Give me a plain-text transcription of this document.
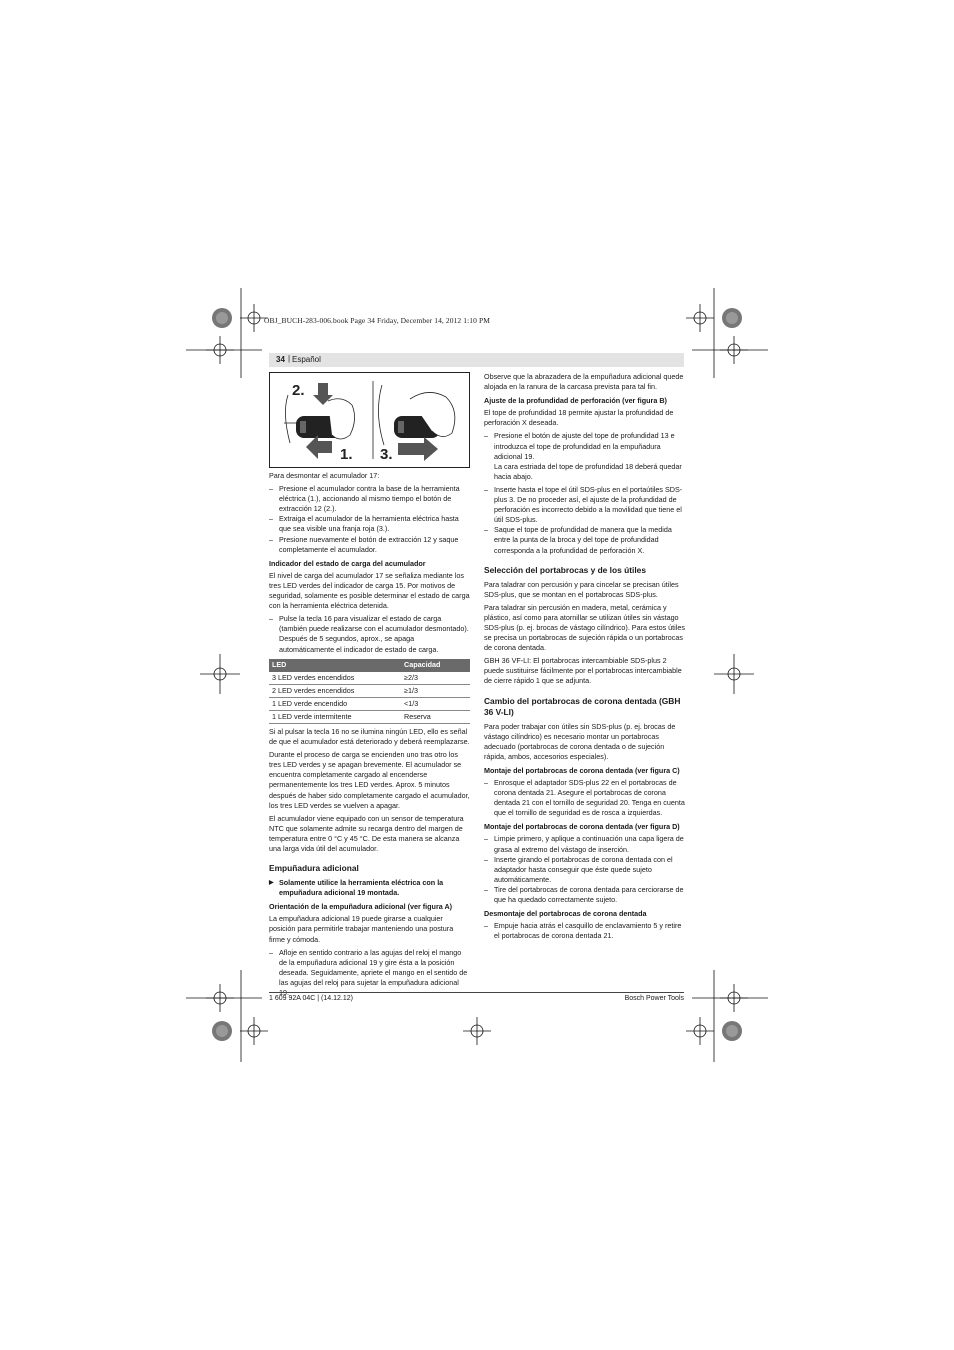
OBJ_BUCH-283-006.book Page 34 Friday, December 14, 2012 1:10 PM
34 | Español
2.
1. 3.

Para desmontar el acumulador 17:

– Presione el acumulador contra la base de la herramienta eléctrica (1.), accionando al mismo tiempo el botón de extracción 12 (2.).

– Extraiga el acumulador de la herramienta eléctrica hasta que sea visible una franja roja (3.).

– Presione nuevamente el botón de extracción 12 y saque completamente el acumulador.

Indicador del estado de carga del acumulador

El nivel de carga del acumulador 17 se señaliza mediante los tres LED verdes del indicador de carga 15. Por motivos de seguridad, solamente es posible determinar el estado de carga con la herramienta eléctrica detenida.

– Pulse la tecla 16 para visualizar el estado de carga (también puede realizarse con el acumulador desmontado). Después de 5 segundos, aprox., se apaga automáticamente el indicador de estado de carga.

LED	Capacidad
3 LED verdes encendidos	≥2/3
2 LED verdes encendidos	≥1/3
1 LED verde encendido	<1/3
1 LED verde intermitente	Reserva

Si al pulsar la tecla 16 no se ilumina ningún LED, ello es señal de que el acumulador está deteriorado y deberá reemplazarse.

Durante el proceso de carga se encienden uno tras otro los tres LED verdes y se apagan brevemente. El acumulador se encuentra completamente cargado al encenderse permanentemente los tres LED verdes. Aprox. 5 minutos después de haber sido completamente cargado el acumulador, los tres LED verdes se vuelven a apagar.

El acumulador viene equipado con un sensor de temperatura NTC que solamente admite su recarga dentro del margen de temperatura entre 0 °C y 45 °C. De esta manera se alcanza una larga vida útil del acumulador.

Empuñadura adicional

▶ Solamente utilice la herramienta eléctrica con la empuñadura adicional 19 montada.

Orientación de la empuñadura adicional (ver figura A)

La empuñadura adicional 19 puede girarse a cualquier posición para permitirle trabajar manteniendo una postura firme y cómoda.

– Afloje en sentido contrario a las agujas del reloj el mango de la empuñadura adicional 19 y gire ésta a la posición deseada. Seguidamente, apriete el mango en el sentido de las agujas del reloj para sujetar la empuñadura adicional 19.

Observe que la abrazadera de la empuñadura adicional quede alojada en la ranura de la carcasa prevista para tal fin.

Ajuste de la profundidad de perforación (ver figura B)

El tope de profundidad 18 permite ajustar la profundidad de perforación X deseada.

– Presione el botón de ajuste del tope de profundidad 13 e introduzca el tope de profundidad en la empuñadura adicional 19.

La cara estriada del tope de profundidad 18 deberá quedar hacia abajo.

– Inserte hasta el tope el útil SDS-plus en el portaútiles SDS-plus 3. De no proceder así, el ajuste de la profundidad de perforación es incorrecto debido a la movilidad que tiene el útil SDS-plus.

– Saque el tope de profundidad de manera que la medida entre la punta de la broca y del tope de profundidad corresponda a la profundidad de perforación X.

Selección del portabrocas y de los útiles

Para taladrar con percusión y para cincelar se precisan útiles SDS-plus, que se montan en el portabrocas SDS-plus.

Para taladrar sin percusión en madera, metal, cerámica y plástico, así como para atornillar se utilizan útiles sin vástago SDS-plus (p. ej. brocas de vástago cilíndrico). Para estos útiles se precisa un portabrocas de sujeción rápida o un portabrocas de corona dentada.

GBH 36 VF-LI: El portabrocas intercambiable SDS-plus 2 puede sustituirse fácilmente por el portabrocas intercambiable de cierre rápido 1 que se adjunta.

Cambio del portabrocas de corona dentada (GBH 36 V-LI)

Para poder trabajar con útiles sin SDS-plus (p. ej. brocas de vástago cilíndrico) es necesario montar un portabrocas adecuado (portabrocas de corona dentada o de sujeción rápida, ambos, accesorios especiales).

Montaje del portabrocas de corona dentada (ver figura C)

– Enrosque el adaptador SDS-plus 22 en el portabrocas de corona dentada 21. Asegure el portabrocas de corona dentada 21 con el tornillo de seguridad 20. Tenga en cuenta que el tornillo de seguridad es de rosca a izquierdas.

Montaje del portabrocas de corona dentada (ver figura D)

– Limpie primero, y aplique a continuación una capa ligera de grasa al extremo del vástago de inserción.

– Inserte girando el portabrocas de corona dentada con el adaptador hasta conseguir que éste quede sujeto automáticamente.

– Tire del portabrocas de corona dentada para cerciorarse de que ha quedado correctamente sujeto.

Desmontaje del portabrocas de corona dentada

– Empuje hacia atrás el casquillo de enclavamiento 5 y retire el portabrocas de corona dentada 21.

1 609 92A 04C | (14.12.12)	Bosch Power Tools
